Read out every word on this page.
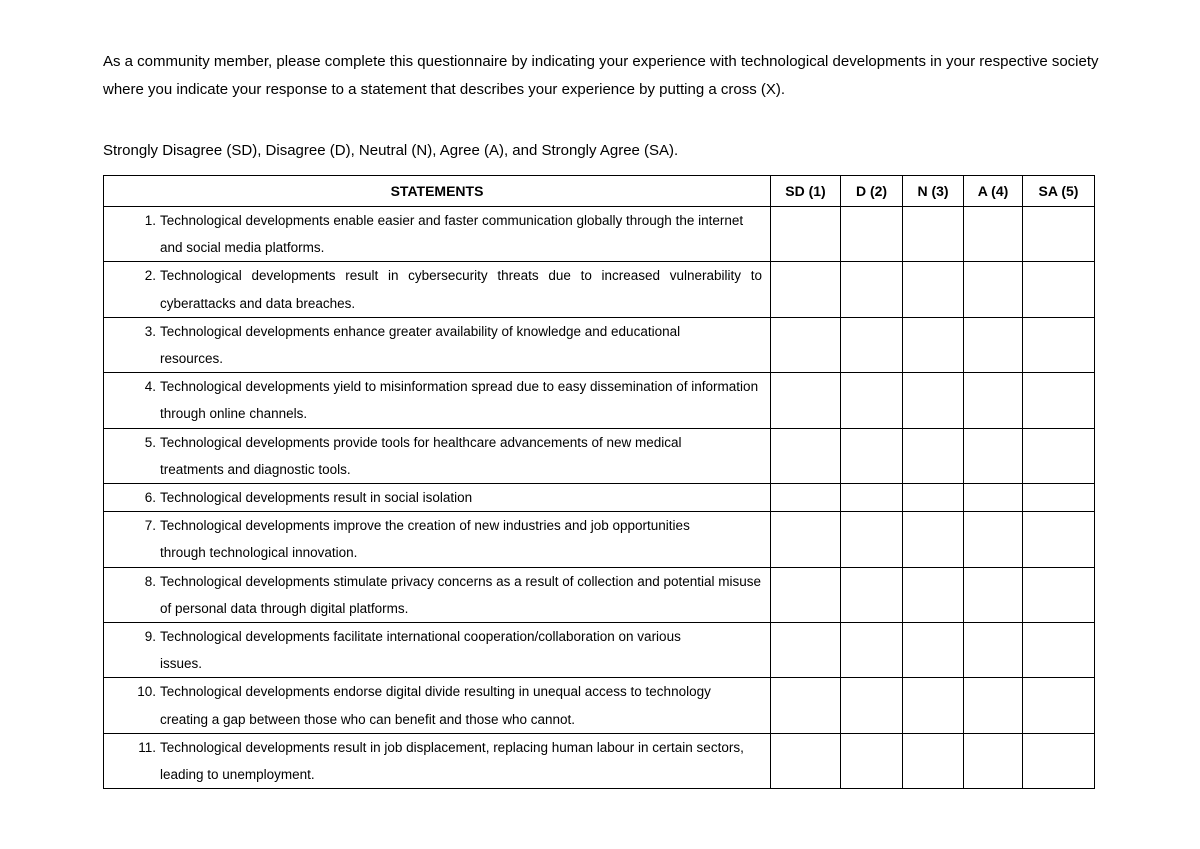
As a community member, please complete this questionnaire by indicating your experience with technological developments in your respective society where you indicate your response to a statement that describes your experience by putting a cross (X).

Strongly Disagree (SD), Disagree (D), Neutral (N), Agree (A), and Strongly Agree (SA).

STATEMENTS	SD (1)	D (2)	N (3)	A (4)	SA (5)

1. Technological developments enable easier and faster communication globally through the internet and social media platforms.					

2. Technological developments result in cybersecurity threats due to increased vulnerability to cyberattacks and data breaches.					

3. Technological developments enhance greater availability of knowledge and educational resources.					

4. Technological developments yield to misinformation spread due to easy dissemination of information through online channels.					

5. Technological developments provide tools for healthcare advancements of new medical treatments and diagnostic tools.					

6. Technological developments result in social isolation					

7. Technological developments improve the creation of new industries and job opportunities through technological innovation.					

8. Technological developments stimulate privacy concerns as a result of collection and potential misuse of personal data through digital platforms.					

9. Technological developments facilitate international cooperation/collaboration on various issues.					

10. Technological developments endorse digital divide resulting in unequal access to technology creating a gap between those who can benefit and those who cannot.					

11. Technological developments result in job displacement, replacing human labour in certain sectors, leading to unemployment.					
